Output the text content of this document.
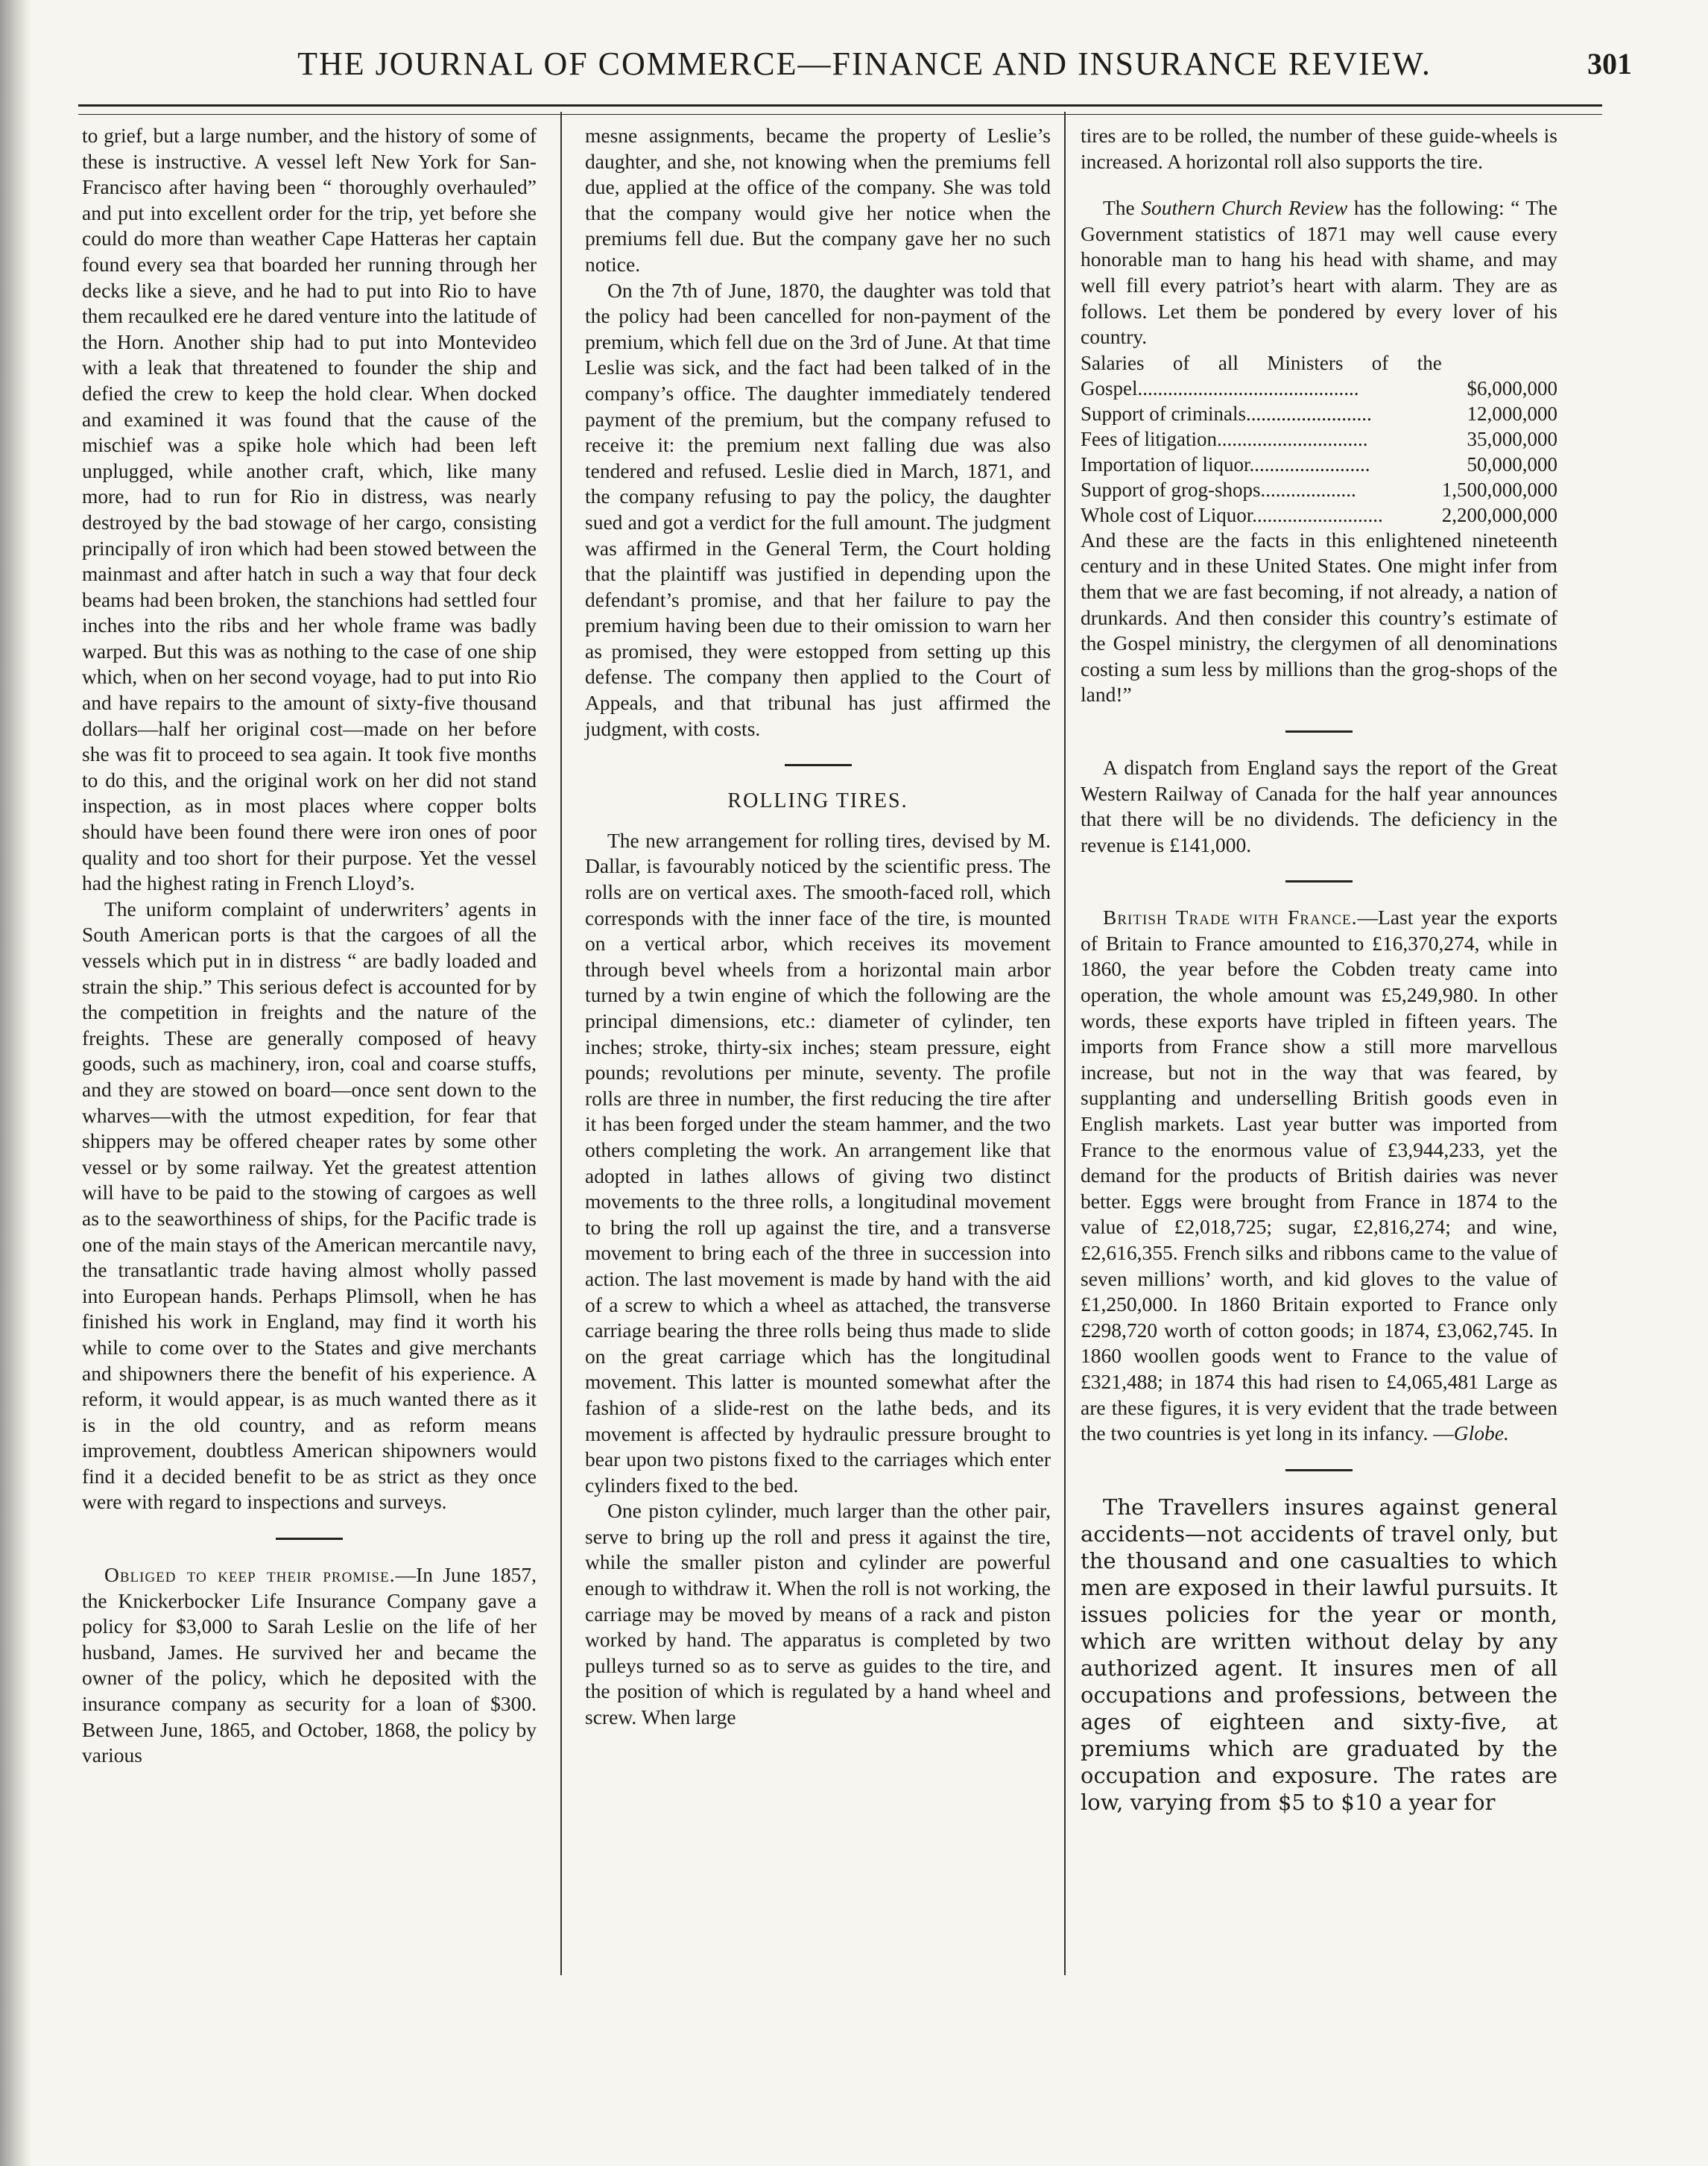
THE JOURNAL OF COMMERCE—FINANCE AND INSURANCE REVIEW.	301

to grief, but a large number, and the history of some of these is instructive. A vessel left New York for San-Francisco after having been “ thoroughly overhauled” and put into excellent order for the trip, yet before she could do more than weather Cape Hatteras her captain found every sea that boarded her running through her decks like a sieve, and he had to put into Rio to have them recaulked ere he dared venture into the latitude of the Horn. Another ship had to put into Montevideo with a leak that threatened to founder the ship and defied the crew to keep the hold clear. When docked and examined it was found that the cause of the mischief was a spike hole which had been left unplugged, while another craft, which, like many more, had to run for Rio in distress, was nearly destroyed by the bad stowage of her cargo, consisting principally of iron which had been stowed between the mainmast and after hatch in such a way that four deck beams had been broken, the stanchions had settled four inches into the ribs and her whole frame was badly warped. But this was as nothing to the case of one ship which, when on her second voyage, had to put into Rio and have repairs to the amount of sixty-five thousand dollars—half her original cost—made on her before she was fit to proceed to sea again. It took five months to do this, and the original work on her did not stand inspection, as in most places where copper bolts should have been found there were iron ones of poor quality and too short for their purpose. Yet the vessel had the highest rating in French Lloyd’s.

The uniform complaint of underwriters’ agents in South American ports is that the cargoes of all the vessels which put in in distress “ are badly loaded and strain the ship.” This serious defect is accounted for by the competition in freights and the nature of the freights. These are generally composed of heavy goods, such as machinery, iron, coal and coarse stuffs, and they are stowed on board—once sent down to the wharves—with the utmost expedition, for fear that shippers may be offered cheaper rates by some other vessel or by some railway. Yet the greatest attention will have to be paid to the stowing of cargoes as well as to the seaworthiness of ships, for the Pacific trade is one of the main stays of the American mercantile navy, the transatlantic trade having almost wholly passed into European hands. Perhaps Plimsoll, when he has finished his work in England, may find it worth his while to come over to the States and give merchants and shipowners there the benefit of his experience. A reform, it would appear, is as much wanted there as it is in the old country, and as reform means improvement, doubtless American shipowners would find it a decided benefit to be as strict as they once were with regard to inspections and surveys.

Obliged to keep their promise.—In June 1857, the Knickerbocker Life Insurance Company gave a policy for $3,000 to Sarah Leslie on the life of her husband, James. He survived her and became the owner of the policy, which he deposited with the insurance company as security for a loan of $300. Between June, 1865, and October, 1868, the policy by various

mesne assignments, became the property of Leslie’s daughter, and she, not knowing when the premiums fell due, applied at the office of the company. She was told that the company would give her notice when the premiums fell due. But the company gave her no such notice.

On the 7th of June, 1870, the daughter was told that the policy had been cancelled for non-payment of the premium, which fell due on the 3rd of June. At that time Leslie was sick, and the fact had been talked of in the company’s office. The daughter immediately tendered payment of the premium, but the company refused to receive it: the premium next falling due was also tendered and refused. Leslie died in March, 1871, and the company refusing to pay the policy, the daughter sued and got a verdict for the full amount. The judgment was affirmed in the General Term, the Court holding that the plaintiff was justified in depending upon the defendant’s promise, and that her failure to pay the premium having been due to their omission to warn her as promised, they were estopped from setting up this defense. The company then applied to the Court of Appeals, and that tribunal has just affirmed the judgment, with costs.

ROLLING TIRES.

The new arrangement for rolling tires, devised by M. Dallar, is favourably noticed by the scientific press. The rolls are on vertical axes. The smooth-faced roll, which corresponds with the inner face of the tire, is mounted on a vertical arbor, which receives its movement through bevel wheels from a horizontal main arbor turned by a twin engine of which the following are the principal dimensions, etc.: diameter of cylinder, ten inches; stroke, thirty-six inches; steam pressure, eight pounds; revolutions per minute, seventy. The profile rolls are three in number, the first reducing the tire after it has been forged under the steam hammer, and the two others completing the work. An arrangement like that adopted in lathes allows of giving two distinct movements to the three rolls, a longitudinal movement to bring the roll up against the tire, and a transverse movement to bring each of the three in succession into action. The last movement is made by hand with the aid of a screw to which a wheel as attached, the transverse carriage bearing the three rolls being thus made to slide on the great carriage which has the longitudinal movement. This latter is mounted somewhat after the fashion of a slide-rest on the lathe beds, and its movement is affected by hydraulic pressure brought to bear upon two pistons fixed to the carriages which enter cylinders fixed to the bed.

One piston cylinder, much larger than the other pair, serve to bring up the roll and press it against the tire, while the smaller piston and cylinder are powerful enough to withdraw it. When the roll is not working, the carriage may be moved by means of a rack and piston worked by hand. The apparatus is completed by two pulleys turned so as to serve as guides to the tire, and the position of which is regulated by a hand wheel and screw. When large

tires are to be rolled, the number of these guide-wheels is increased. A horizontal roll also supports the tire.

The Southern Church Review has the following: “ The Government statistics of 1871 may well cause every honorable man to hang his head with shame, and may well fill every patriot’s heart with alarm. They are as follows. Let them be pondered by every lover of his country.

Salaries of all Ministers of the Gospel............................................	$6,000,000
Support of criminals.........................	12,000,000
Fees of litigation..............................	35,000,000
Importation of liquor........................	50,000,000
Support of grog-shops...................	1,500,000,000
Whole cost of Liquor..........................	2,200,000,000

And these are the facts in this enlightened nineteenth century and in these United States. One might infer from them that we are fast becoming, if not already, a nation of drunkards. And then consider this country’s estimate of the Gospel ministry, the clergymen of all denominations costing a sum less by millions than the grog-shops of the land!”

A dispatch from England says the report of the Great Western Railway of Canada for the half year announces that there will be no dividends. The deficiency in the revenue is £141,000.

British Trade with France.—Last year the exports of Britain to France amounted to £16,370,274, while in 1860, the year before the Cobden treaty came into operation, the whole amount was £5,249,980. In other words, these exports have tripled in fifteen years. The imports from France show a still more marvellous increase, but not in the way that was feared, by supplanting and underselling British goods even in English markets. Last year butter was imported from France to the enormous value of £3,944,233, yet the demand for the products of British dairies was never better. Eggs were brought from France in 1874 to the value of £2,018,725; sugar, £2,816,274; and wine, £2,616,355. French silks and ribbons came to the value of seven millions’ worth, and kid gloves to the value of £1,250,000. In 1860 Britain exported to France only £298,720 worth of cotton goods; in 1874, £3,062,745. In 1860 woollen goods went to France to the value of £321,488; in 1874 this had risen to £4,065,481 Large as are these figures, it is very evident that the trade between the two countries is yet long in its infancy. —Globe.

The Travellers insures against general accidents—not accidents of travel only, but the thousand and one casualties to which men are exposed in their lawful pursuits. It issues policies for the year or month, which are written without delay by any authorized agent. It insures men of all occupations and professions, between the ages of eighteen and sixty-five, at premiums which are graduated by the occupation and exposure. The rates are low, varying from $5 to $10 a year for
